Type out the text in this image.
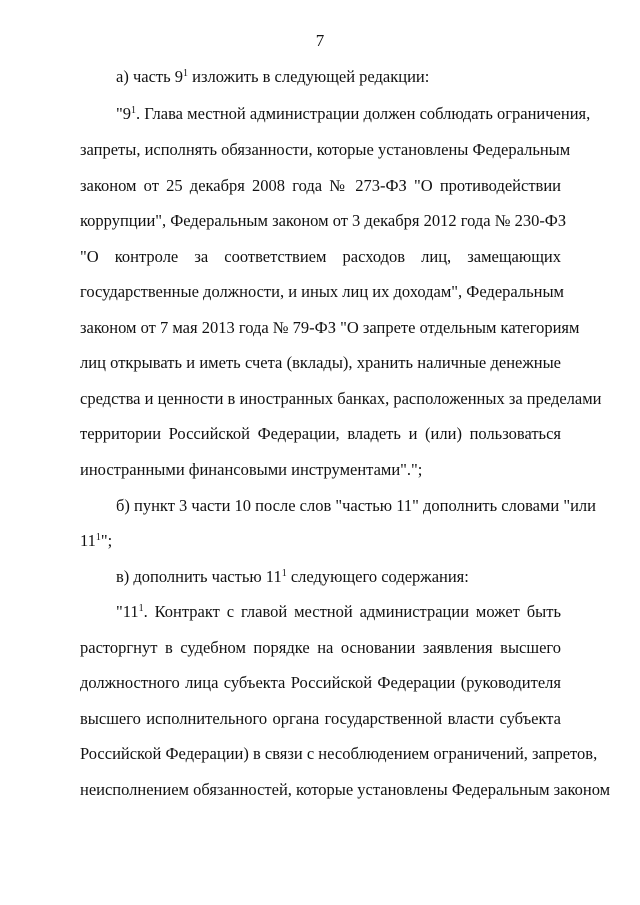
7
а) часть $9^1$ изложить в следующей редакции:
"$9^1$. Глава местной администрации должен соблюдать ограничения,
запреты, исполнять обязанности, которые установлены Федеральным
законом от 25 декабря 2008 года № 273-ФЗ "О противодействии
коррупции", Федеральным законом от 3 декабря 2012 года № 230-ФЗ
"О контроле за соответствием расходов лиц, замещающих
государственные должности, и иных лиц их доходам", Федеральным
законом от 7 мая 2013 года № 79-ФЗ "О запрете отдельным категориям
лиц открывать и иметь счета (вклады), хранить наличные денежные
средства и ценности в иностранных банках, расположенных за пределами
территории Российской Федерации, владеть и (или) пользоваться
иностранными финансовыми инструментами".";
б) пункт 3 части 10 после слов "частью 11" дополнить словами "или
$11^1$";
в) дополнить частью $11^1$ следующего содержания:
"$11^1$. Контракт с главой местной администрации может быть
расторгнут в судебном порядке на основании заявления высшего
должностного лица субъекта Российской Федерации (руководителя
высшего исполнительного органа государственной власти субъекта
Российской Федерации) в связи с несоблюдением ограничений, запретов,
неисполнением обязанностей, которые установлены Федеральным законом
